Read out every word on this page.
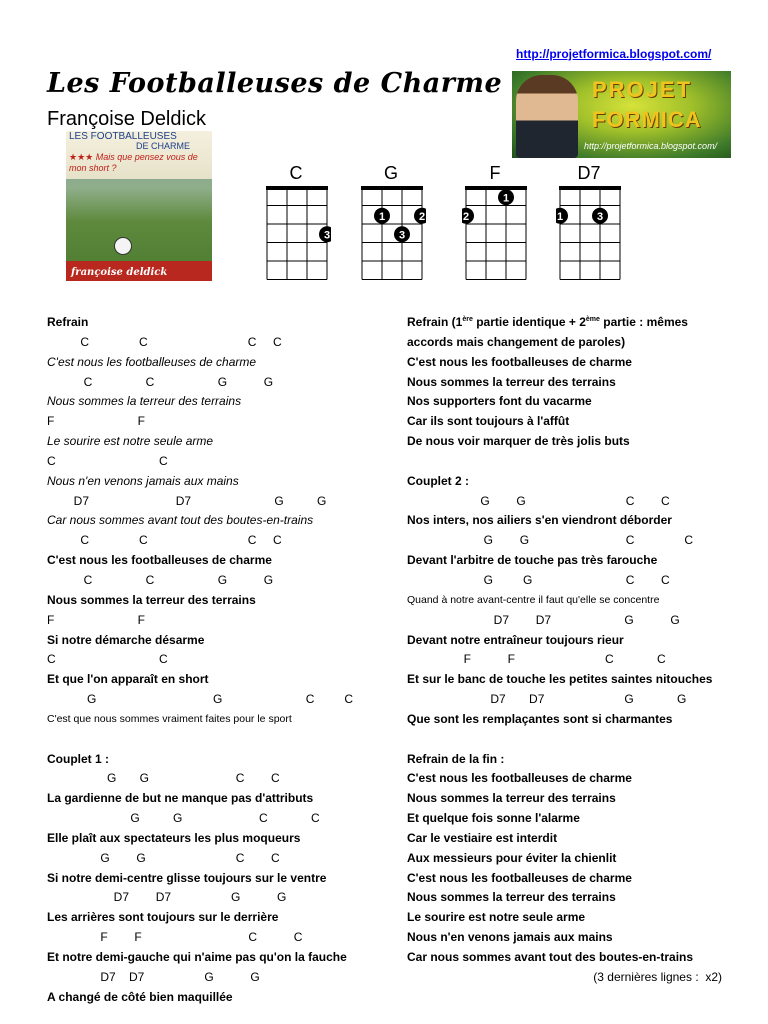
http://projetformica.blogspot.com/
Les Footballeuses de Charme
Françoise Deldick
LES FOOTBALLEUSES
DE CHARME
★★★ Mais que pensez vous de
mon short ?
françoise deldick
PROJET
FORMICA
http://projetformica.blogspot.com/
C
3
G
1	2
3
F
1
2
D7
1	3
Refrain
C               C                              C     C
C'est nous les footballeuses de charme
C                C                   G           G
Nous sommes la terreur des terrains
F                         F
Le sourire est notre seule arme
C                               C
Nous n'en venons jamais aux mains
D7                          D7                         G          G
Car nous sommes avant tout des boutes-en-trains
C               C                              C     C
C'est nous les footballeuses de charme
C                C                   G           G
Nous sommes la terreur des terrains
F                         F
Si notre démarche désarme
C                               C
Et que l'on apparaît en short
G                                   G                         C         C
C'est que nous sommes vraiment faites pour le sport
Couplet 1 :
G       G                          C        C
La gardienne de but ne manque pas d'attributs
G          G                       C             C
Elle plaît aux spectateurs les plus moqueurs
G        G                           C        C
Si notre demi-centre glisse toujours sur le ventre
D7        D7                  G           G
Les arrières sont toujours sur le derrière
F        F                                C           C
Et notre demi-gauche qui n'aime pas qu'on la fauche
D7    D7                  G           G
A changé de côté bien maquillée
Refrain (1ère partie identique + 2ème partie : mêmes
accords mais changement de paroles)
C'est nous les footballeuses de charme
Nous sommes la terreur des terrains
Nos supporters font du vacarme
Car ils sont toujours à l'affût
De nous voir marquer de très jolis buts
Couplet 2 :
G        G                              C        C
Nos inters, nos ailiers s'en viendront déborder
G        G                             C               C
Devant l'arbitre de touche pas très farouche
G         G                            C        C
Quand à notre avant-centre il faut qu'elle se concentre
D7        D7                      G           G
Devant notre entraîneur toujours rieur
F           F                           C             C
Et sur le banc de touche les petites saintes nitouches
D7       D7                        G             G
Que sont les remplaçantes sont si charmantes
Refrain de la fin :
C'est nous les footballeuses de charme
Nous sommes la terreur des terrains
Et quelque fois sonne l'alarme
Car le vestiaire est interdit
Aux messieurs pour éviter la chienlit
C'est nous les footballeuses de charme
Nous sommes la terreur des terrains
Le sourire est notre seule arme
Nous n'en venons jamais aux mains
Car nous sommes avant tout des boutes-en-trains
(3 dernières lignes :  x2)
